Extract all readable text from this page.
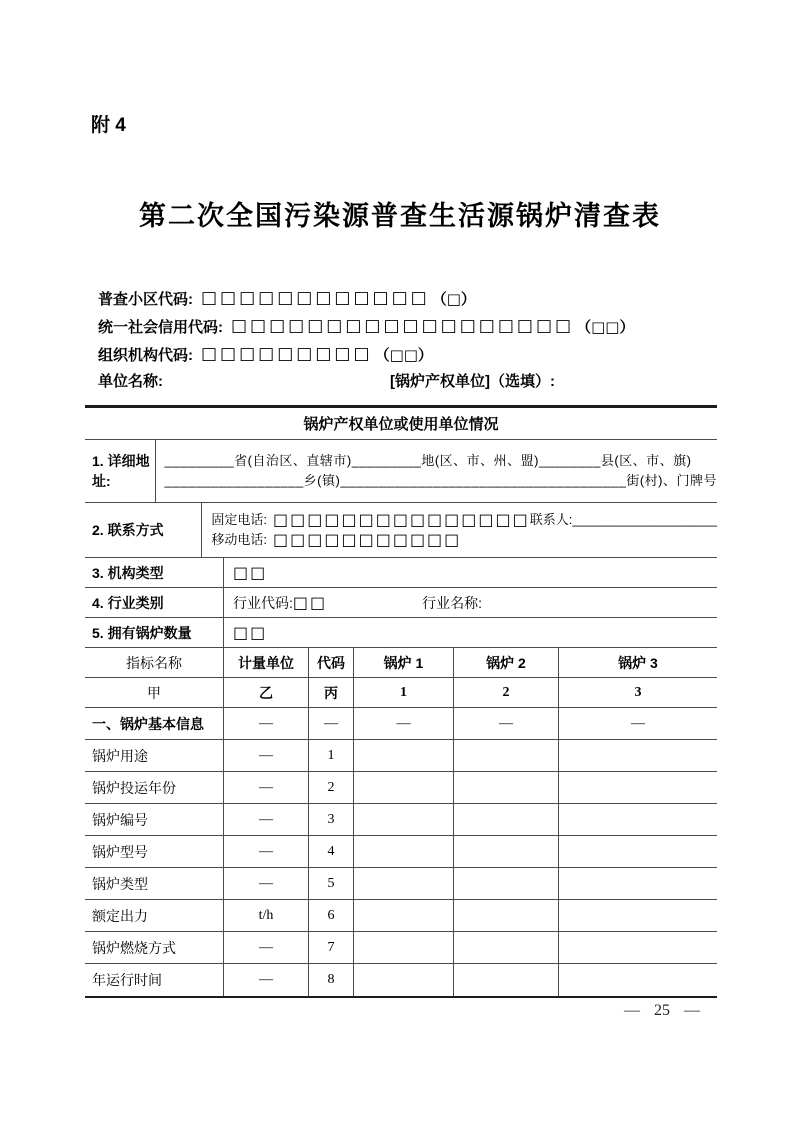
附 4
第二次全国污染源普查生活源锅炉清查表
普查小区代码: □□□□□□□□□□□□ （□）
统一社会信用代码: □□□□□□□□□□□□□□□□□□ （□□）
组织机构代码: □□□□□□□□□ （□□）
单位名称:	[锅炉产权单位]（选填）:
锅炉产权单位或使用单位情况
1. 详细地址:
_________省(自治区、直辖市)_________地(区、市、州、盟)________县(区、市、旗)
__________________乡(镇)_____________________________________街(村)、门牌号
2. 联系方式
固定电话: □□□□□□□□□□□□□□□ 联系人: ____________________
移动电话: □□□□□□□□□□□
3. 机构类型	□□
4. 行业类别	行业代码: □□	行业名称:
5. 拥有锅炉数量	□□
指标名称	计量单位	代码	锅炉 1	锅炉 2	锅炉 3
甲	乙	丙	1	2	3
一、锅炉基本信息	—	—	—	—	—
锅炉用途	—	1
锅炉投运年份	—	2
锅炉编号	—	3
锅炉型号	—	4
锅炉类型	—	5
额定出力	t/h	6
锅炉燃烧方式	—	7
年运行时间	—	8
— 25 —
